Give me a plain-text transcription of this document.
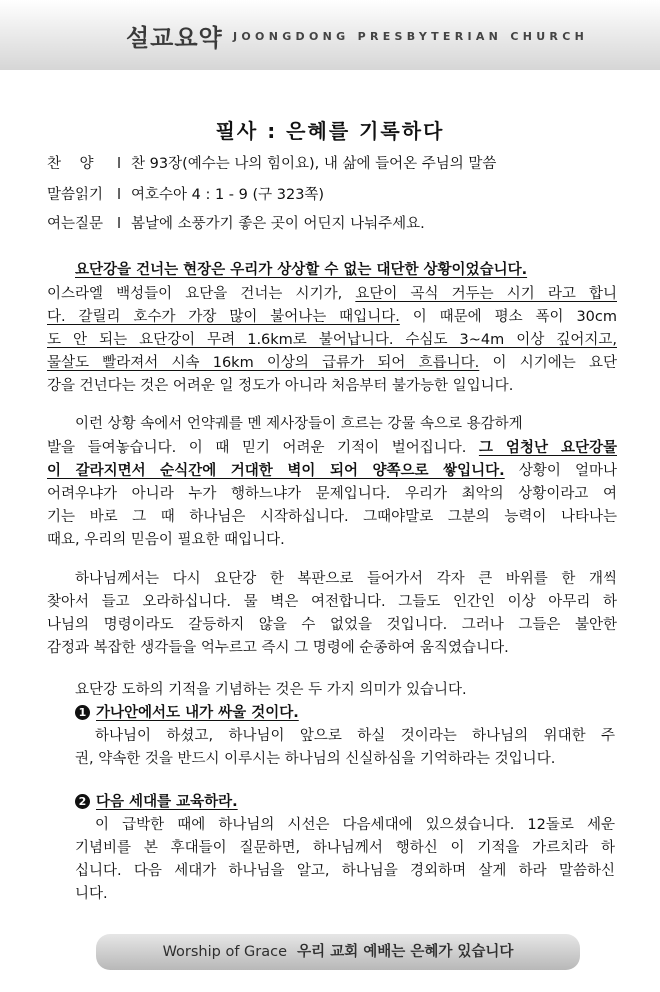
설교요약 JOONGDONG PRESBYTERIAN CHURCH
필사 : 은혜를 기록하다
찬    양 l 찬 93장(예수는 나의 힘이요), 내 삶에 들어온 주님의 말씀
말씀읽기 l 여호수아 4 : 1 - 9 (구 323쪽)
여는질문 l 봄날에 소풍가기 좋은 곳이 어딘지 나눠주세요.
요단강을 건너는 현장은 우리가 상상할 수 없는 대단한 상황이었습니다.
이스라엘 백성들이 요단을 건너는 시기가, 요단이 곡식 거두는 시기 라고 합니
다. 갈릴리 호수가 가장 많이 불어나는 때입니다. 이 때문에 평소 폭이 30cm
도 안 되는 요단강이 무려 1.6km로 불어납니다. 수심도 3~4m 이상 깊어지고,
물살도 빨라져서 시속 16km 이상의 급류가 되어 흐릅니다. 이 시기에는 요단
강을 건넌다는 것은 어려운 일 정도가 아니라 처음부터 불가능한 일입니다.
이런 상황 속에서 언약궤를 멘 제사장들이 흐르는 강물 속으로 용감하게
발을 들여놓습니다. 이 때 믿기 어려운 기적이 벌어집니다. 그 엄청난 요단강물
이 갈라지면서 순식간에 거대한 벽이 되어 양쪽으로 쌓입니다. 상황이 얼마나
어려우냐가 아니라 누가 행하느냐가 문제입니다. 우리가 최악의 상황이라고 여
기는 바로 그 때 하나님은 시작하십니다. 그때야말로 그분의 능력이 나타나는
때요, 우리의 믿음이 필요한 때입니다.
하나님께서는 다시 요단강 한 복판으로 들어가서 각자 큰 바위를 한 개씩
찾아서 들고 오라하십니다. 물 벽은 여전합니다. 그들도 인간인 이상 아무리 하
나님의 명령이라도 갈등하지 않을 수 없었을 것입니다. 그러나 그들은 불안한
감정과 복잡한 생각들을 억누르고 즉시 그 명령에 순종하여 움직였습니다.
요단강 도하의 기적을 기념하는 것은 두 가지 의미가 있습니다.
1 가나안에서도 내가 싸울 것이다.
하나님이 하셨고, 하나님이 앞으로 하실 것이라는 하나님의 위대한 주
권, 약속한 것을 반드시 이루시는 하나님의 신실하심을 기억하라는 것입니다.
2 다음 세대를 교육하라.
이 급박한 때에 하나님의 시선은 다음세대에 있으셨습니다. 12돌로 세운
기념비를 본 후대들이 질문하면, 하나님께서 행하신 이 기적을 가르치라 하
십니다. 다음 세대가 하나님을 알고, 하나님을 경외하며 살게 하라 말씀하신
니다.
Worship of Grace 우리 교회 예배는 은혜가 있습니다
